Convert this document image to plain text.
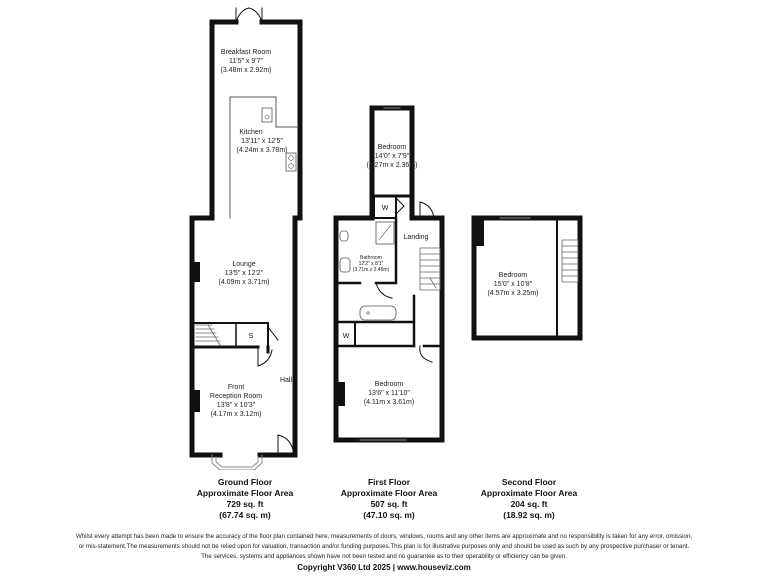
Breakfast Room
11'5" x 9'7"
(3.48m x 2.92m)
Kitchen
13'11" x 12'5"
(4.24m x 3.78m)
Lounge
13'5" x 12'2"
(4.09m x 3.71m)
S
Hall
Front
Reception Room
13'8" x 10'3"
(4.17m x 3.12m)
Bedroom
14'0" x 7'9"
(4.27m x 2.36m)
W
Landing
Bathroom
12'2" x 8'1"
(3.71m x 2.46m)
W
Bedroom
13'6" x 11'10"
(4.11m x 3.61m)
Bedroom
15'0" x 10'8"
(4.57m x 3.25m)
Ground Floor
Approximate Floor Area
729 sq. ft
(67.74 sq. m)
First Floor
Approximate Floor Area
507 sq. ft
(47.10 sq. m)
Second Floor
Approximate Floor Area
204 sq. ft
(18.92 sq. m)
Whilst every attempt has been made to ensure the accuracy of the floor plan contained here, measurements of doors, windows, rooms and any other items are approximate and no responsibility is taken for any error, omission,
or mis-statement.The measurements should not be relied upon for valuation, transaction and/or funding purposes.This plan is for illustrative purposes only and should be used as such by any prospective purchaser or tenant.
The services, systems and appliances shown have not been tested and no guarantee as to their operability or efficiency can be given.
Copyright V360 Ltd 2025 | www.houseviz.com
